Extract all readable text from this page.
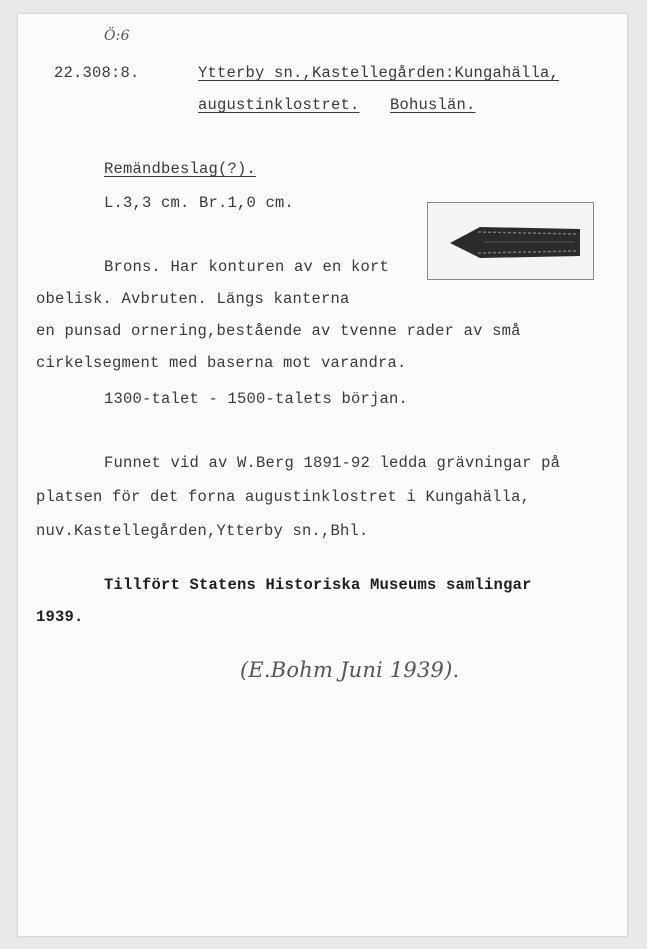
Ö:6
22.308:8.	Ytterby sn.,Kastellegården:Kungahälla,
augustinklostret. Bohuslän.
Remändbeslag(?).
L.3,3 cm. Br.1,0 cm.
Brons. Har konturen av en kort
obelisk. Avbruten. Längs kanterna
en punsad ornering,bestående av tvenne rader av små
cirkelsegment med baserna mot varandra.
1300-talet - 1500-talets början.
Funnet vid av W.Berg 1891-92 ledda grävningar på
platsen för det forna augustinklostret i Kungahälla,
nuv.Kastellegården,Ytterby sn.,Bhl.
Tillfört Statens Historiska Museums samlingar
1939.
(E.Bohm Juni 1939).
